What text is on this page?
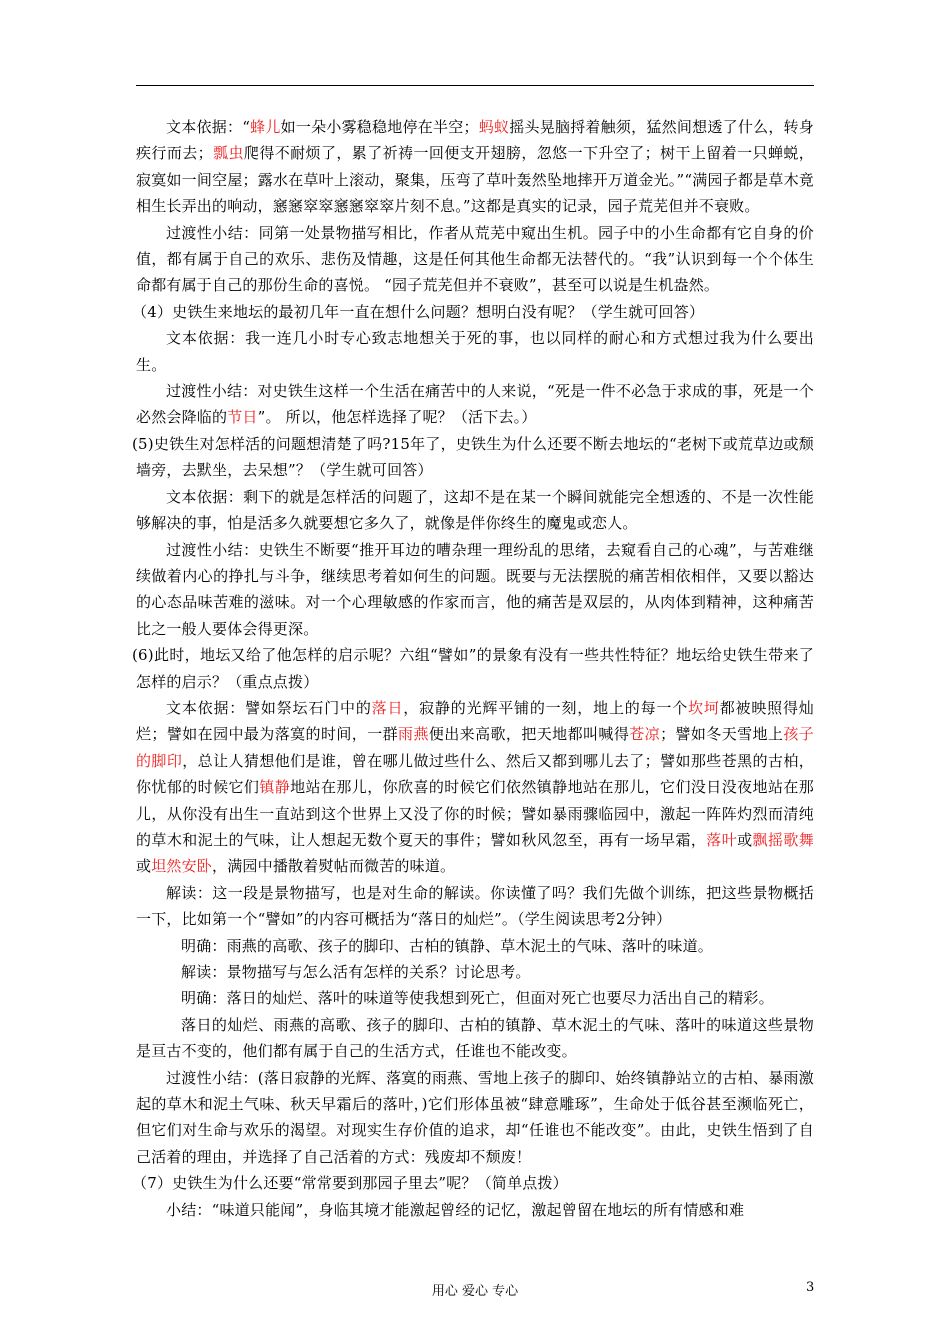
文本依据：“蜂儿如一朵小雾稳稳地停在半空；蚂蚁摇头晃脑捋着触须，猛然间想透了什么，转身疾行而去；瓢虫爬得不耐烦了，累了祈祷一回便支开翅膀，忽悠一下升空了；树干上留着一只蝉蜕，寂寞如一间空屋；露水在草叶上滚动，聚集，压弯了草叶轰然坠地摔开万道金光。”“满园子都是草木竟相生长弄出的响动，窸窸窣窣窸窸窣窣片刻不息。”这都是真实的记录，园子荒芜但并不衰败。

过渡性小结：同第一处景物描写相比，作者从荒芜中窥出生机。园子中的小生命都有它自身的价值，都有属于自己的欢乐、悲伤及情趣，这是任何其他生命都无法替代的。“我”认识到每一个个体生命都有属于自己的那份生命的喜悦。 “园子荒芜但并不衰败”，甚至可以说是生机盎然。

（4）史铁生来地坛的最初几年一直在想什么问题？想明白没有呢？（学生就可回答）

文本依据：我一连几小时专心致志地想关于死的事，也以同样的耐心和方式想过我为什么要出生。

过渡性小结：对史铁生这样一个生活在痛苦中的人来说，“死是一件不必急于求成的事，死是一个必然会降临的节日”。 所以，他怎样选择了呢？（活下去。）

(5)史铁生对怎样活的问题想清楚了吗?15年了，史铁生为什么还要不断去地坛的“老树下或荒草边或颓墙旁，去默坐，去呆想”？（学生就可回答）

文本依据：剩下的就是怎样活的问题了，这却不是在某一个瞬间就能完全想透的、不是一次性能够解决的事，怕是活多久就要想它多久了，就像是伴你终生的魔鬼或恋人。

过渡性小结：史铁生不断要“推开耳边的嘈杂理一理纷乱的思绪，去窥看自己的心魂”，与苦难继续做着内心的挣扎与斗争，继续思考着如何生的问题。既要与无法摆脱的痛苦相依相伴，又要以豁达的心态品味苦难的滋味。对一个心理敏感的作家而言，他的痛苦是双层的，从肉体到精神，这种痛苦比之一般人要体会得更深。

(6)此时，地坛又给了他怎样的启示呢？六组“譬如”的景象有没有一些共性特征？地坛给史铁生带来了怎样的启示？（重点点拨）

文本依据：譬如祭坛石门中的落日，寂静的光辉平铺的一刻，地上的每一个坎坷都被映照得灿烂；譬如在园中最为落寞的时间，一群雨燕便出来高歌，把天地都叫喊得苍凉；譬如冬天雪地上孩子的脚印，总让人猜想他们是谁，曾在哪儿做过些什么、然后又都到哪儿去了；譬如那些苍黑的古柏，你忧郁的时候它们镇静地站在那儿，你欣喜的时候它们依然镇静地站在那儿，它们没日没夜地站在那儿，从你没有出生一直站到这个世界上又没了你的时候；譬如暴雨骤临园中，激起一阵阵灼烈而清纯的草木和泥土的气味，让人想起无数个夏天的事件；譬如秋风忽至，再有一场早霜，落叶或飘摇歌舞或坦然安卧，满园中播散着熨帖而微苦的味道。

解读：这一段是景物描写，也是对生命的解读。你读懂了吗？我们先做个训练，把这些景物概括一下，比如第一个“譬如”的内容可概括为“落日的灿烂”。（学生阅读思考2分钟）

明确：雨燕的高歌、孩子的脚印、古柏的镇静、草木泥土的气味、落叶的味道。

解读：景物描写与怎么活有怎样的关系？讨论思考。

明确：落日的灿烂、落叶的味道等使我想到死亡，但面对死亡也要尽力活出自己的精彩。

落日的灿烂、雨燕的高歌、孩子的脚印、古柏的镇静、草木泥土的气味、落叶的味道这些景物是亘古不变的，他们都有属于自己的生活方式，任谁也不能改变。

过渡性小结：(落日寂静的光辉、落寞的雨燕、雪地上孩子的脚印、始终镇静站立的古柏、暴雨激起的草木和泥土气味、秋天早霜后的落叶，)它们形体虽被“肆意雕琢”，生命处于低谷甚至濒临死亡，但它们对生命与欢乐的渴望。对现实生存价值的追求，却“任谁也不能改变”。由此，史铁生悟到了自己活着的理由，并选择了自己活着的方式：残废却不颓废！

（7）史铁生为什么还要“常常要到那园子里去”呢？（简单点拨）

小结：“味道只能闻”，身临其境才能激起曾经的记忆，激起曾留在地坛的所有情感和难

用心 爱心 专心	3
